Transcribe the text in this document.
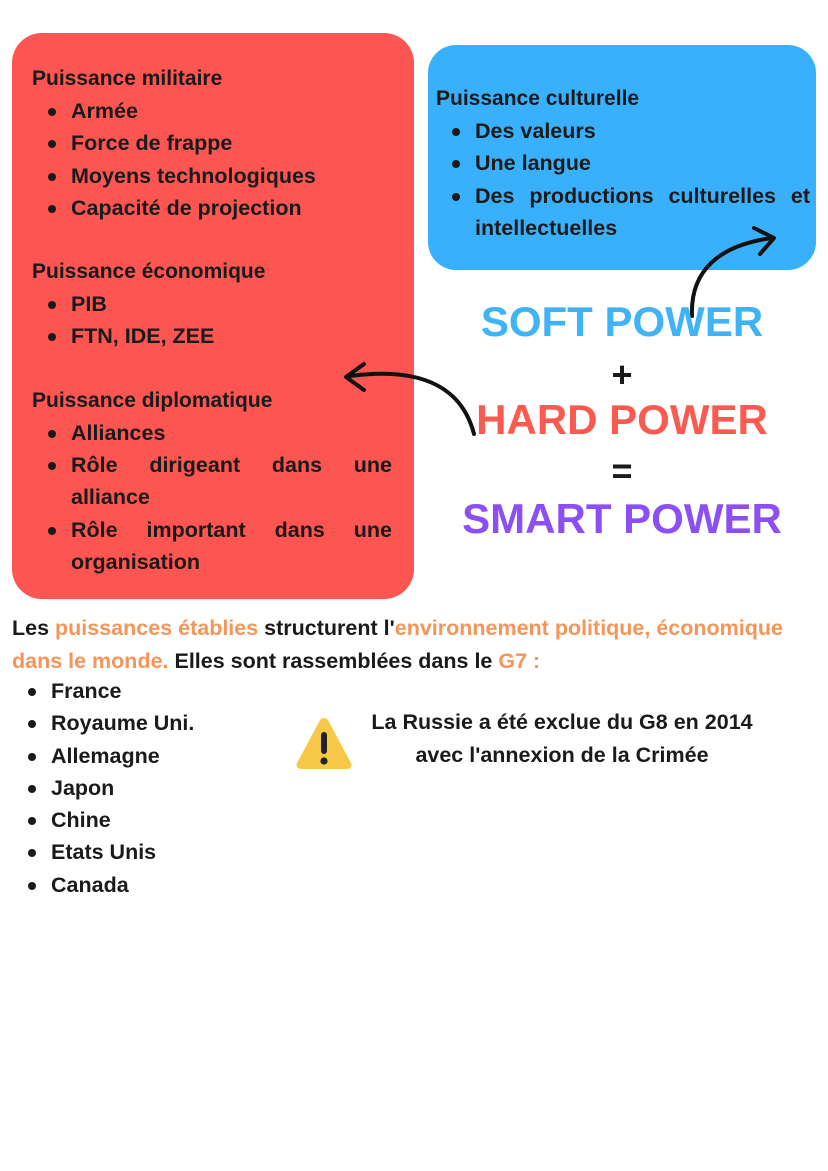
Puissance militaire
Armée
Force de frappe
Moyens technologiques
Capacité de projection
Puissance économique
PIB
FTN, IDE, ZEE
Puissance diplomatique
Alliances
Rôle dirigeant dans une alliance
Rôle important dans une organisation
Puissance culturelle
Des valeurs
Une langue
Des productions culturelles et intellectuelles
SOFT POWER
+
HARD POWER
=
SMART POWER
Les puissances établies structurent l'environnement politique, économique dans le monde. Elles sont rassemblées dans le G7 :
France
Royaume Uni.
Allemagne
Japon
Chine
Etats Unis
Canada
La Russie a été exclue du G8 en 2014 avec l'annexion de la Crimée
